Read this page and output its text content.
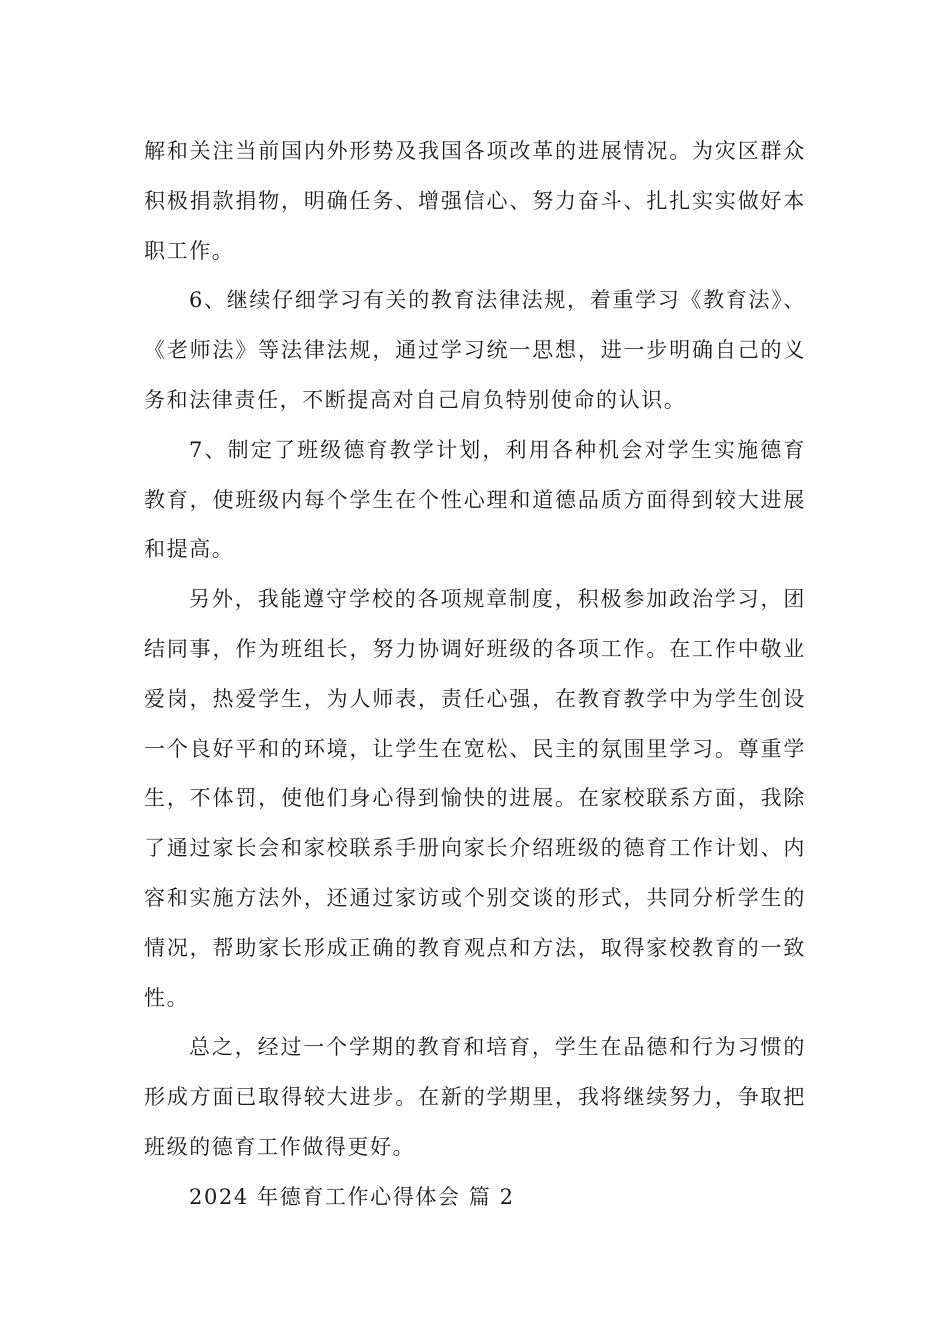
解和关注当前国内外形势及我国各项改革的进展情况。为灾区群众积极捐款捐物，明确任务、增强信心、努力奋斗、扎扎实实做好本职工作。

6、继续仔细学习有关的教育法律法规，着重学习《教育法》、《老师法》等法律法规，通过学习统一思想，进一步明确自己的义务和法律责任，不断提高对自己肩负特别使命的认识。

7、制定了班级德育教学计划，利用各种机会对学生实施德育教育，使班级内每个学生在个性心理和道德品质方面得到较大进展和提高。

另外，我能遵守学校的各项规章制度，积极参加政治学习，团结同事，作为班组长，努力协调好班级的各项工作。在工作中敬业爱岗，热爱学生，为人师表，责任心强，在教育教学中为学生创设一个良好平和的环境，让学生在宽松、民主的氛围里学习。尊重学生，不体罚，使他们身心得到愉快的进展。在家校联系方面，我除了通过家长会和家校联系手册向家长介绍班级的德育工作计划、内容和实施方法外，还通过家访或个别交谈的形式，共同分析学生的情况，帮助家长形成正确的教育观点和方法，取得家校教育的一致性。

总之，经过一个学期的教育和培育，学生在品德和行为习惯的形成方面已取得较大进步。在新的学期里，我将继续努力，争取把班级的德育工作做得更好。

2024 年德育工作心得体会 篇 2
